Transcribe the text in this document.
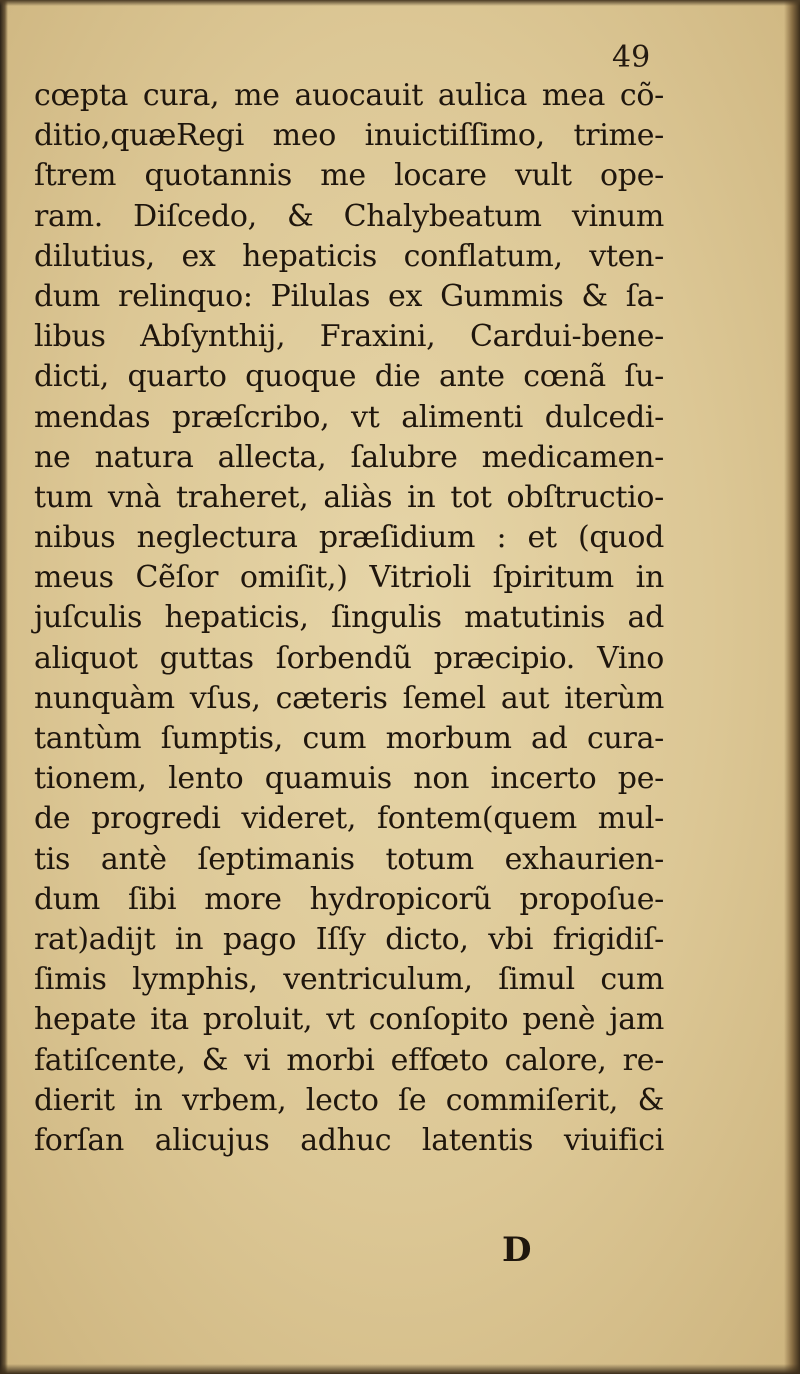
49
cœpta cura, me auocauit aulica mea cõ-
ditio,quæRegi meo inuictiſſimo, trime-
ſtrem quotannis me locare vult ope-
ram. Diſcedo, & Chalybeatum vinum
dilutius, ex hepaticis conflatum, vten-
dum relinquo: Pilulas ex Gummis & ſa-
libus Abſynthij, Fraxini, Cardui-bene-
dicti, quarto quoque die ante cœnã ſu-
mendas præſcribo, vt alimenti dulcedi-
ne natura allecta, ſalubre medicamen-
tum vnà traheret, aliàs in tot obſtructio-
nibus neglectura præſidium : et (quod
meus Cẽſor omiſit,) Vitrioli ſpiritum in
juſculis hepaticis, ſingulis matutinis ad
aliquot guttas ſorbendũ præcipio. Vino
nunquàm vſus, cæteris ſemel aut iterùm
tantùm ſumptis, cum morbum ad cura-
tionem, lento quamuis non incerto pe-
de progredi videret, fontem(quem mul-
tis antè ſeptimanis totum exhaurien-
dum ſibi more hydropicorũ propoſue-
rat)adijt in pago Iſſy dicto, vbi frigidiſ-
ſimis lymphis, ventriculum, ſimul cum
hepate ita proluit, vt conſopito penè jam
fatiſcente, & vi morbi effœto calore, re-
dierit in vrbem, lecto ſe commiſerit, &
forſan alicujus adhuc latentis viuifici
D
